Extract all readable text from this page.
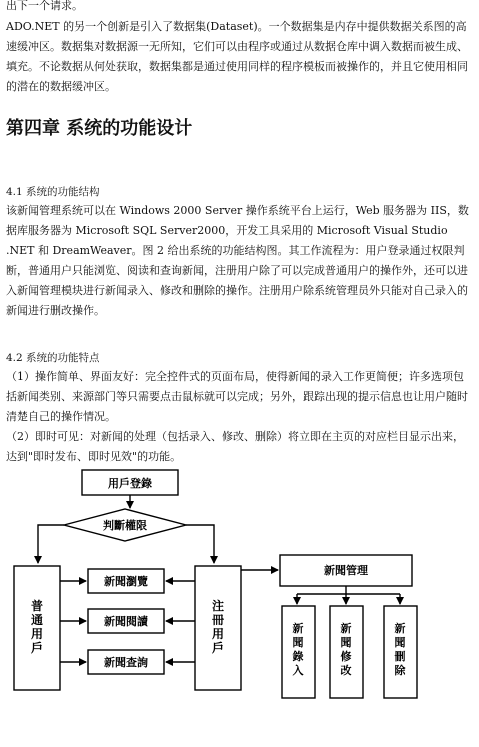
出下一个请求。

ADO.NET 的另一个创新是引入了数据集(Dataset)。一个数据集是内存中提供数据关系图的高速缓冲区。数据集对数据源一无所知，它们可以由程序或通过从数据仓库中调入数据而被生成、填充。不论数据从何处获取，数据集都是通过使用同样的程序模板而被操作的，并且它使用相同的潜在的数据缓冲区。

第四章 系统的功能设计

4.1 系统的功能结构

该新闻管理系统可以在 Windows 2000 Server 操作系统平台上运行，Web 服务器为 IIS，数据库服务器为 Microsoft SQL Server2000，开发工具采用的 Microsoft Visual Studio .NET 和 DreamWeaver。图 2 给出系统的功能结构图。其工作流程为：用户登录通过权限判断，普通用户只能浏览、阅读和查询新闻，注册用户除了可以完成普通用户的操作外，还可以进入新闻管理模块进行新闻录入、修改和删除的操作。注册用户除系统管理员外只能对自己录入的新闻进行删改操作。

4.2 系统的功能特点

（1）操作简单、界面友好：完全控件式的页面布局，使得新闻的录入工作更简便；许多选项包括新闻类别、来源部门等只需要点击鼠标就可以完成；另外，跟踪出现的提示信息也让用户随时清楚自己的操作情况。

（2）即时可见：对新闻的处理（包括录入、修改、删除）将立即在主页的对应栏目显示出来，达到"即时发布、即时见效"的功能。

用戶登錄
判斷權限
新聞瀏覽
新聞閱讀
新聞查詢
新聞管理
普通用戶
注冊用戶
新聞錄入
新聞修改
新聞刪除
